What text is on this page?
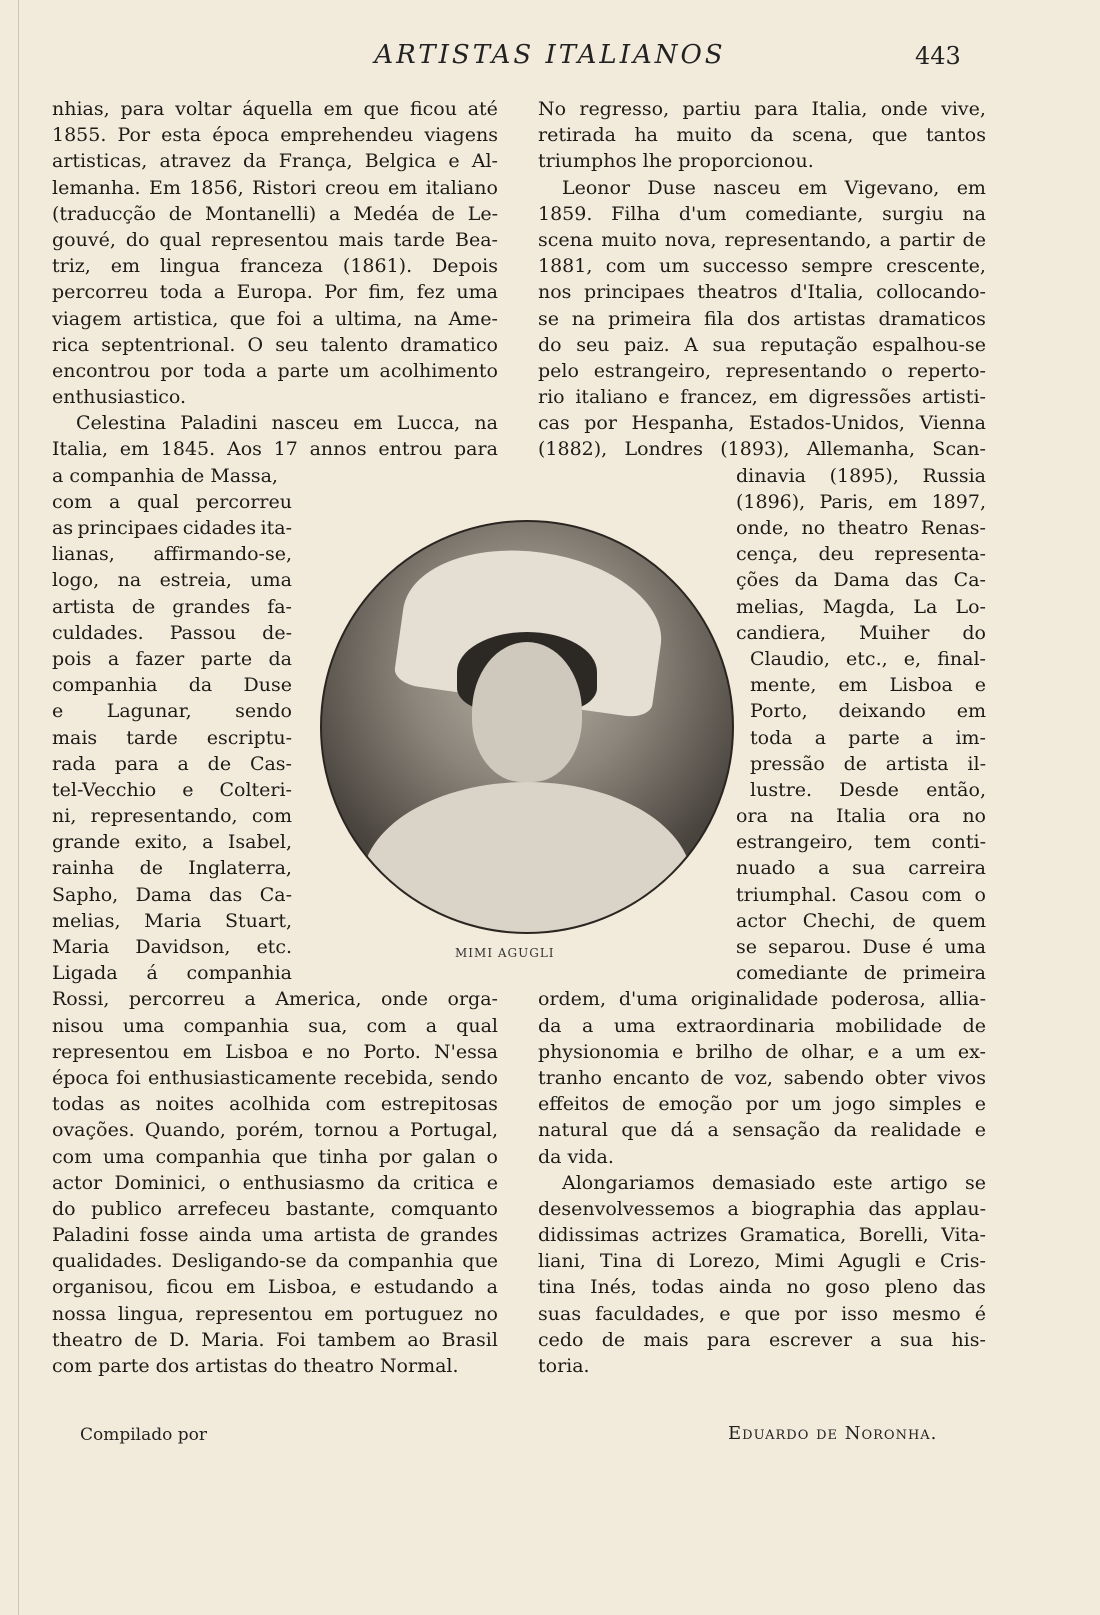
ARTISTAS ITALIANOS	443
nhias, para voltar áquella em que ficou até
1855. Por esta época emprehendeu viagens
artisticas, atravez da França, Belgica e Al-
lemanha. Em 1856, Ristori creou em italiano
(traducção de Montanelli) a Medéa de Le-
gouvé, do qual representou mais tarde Bea-
triz, em lingua franceza (1861). Depois
percorreu toda a Europa. Por fim, fez uma
viagem artistica, que foi a ultima, na Ame-
rica septentrional. O seu talento dramatico
encontrou por toda a parte um acolhimento
enthusiastico.
Celestina Paladini nasceu em Lucca, na
Italia, em 1845. Aos 17 annos entrou para
a companhia de Massa,
com a qual percorreu
as principaes cidades ita-
lianas, affirmando-se,
logo, na estreia, uma
artista de grandes fa-
culdades. Passou de-
pois a fazer parte da
companhia da Duse
e Lagunar, sendo
mais tarde escriptu-
rada para a de Cas-
tel-Vecchio e Colteri-
ni, representando, com
grande exito, a Isabel,
rainha de Inglaterra,
Sapho, Dama das Ca-
melias, Maria Stuart,
Maria Davidson, etc.
Ligada á companhia
Rossi, percorreu a America, onde orga-
nisou uma companhia sua, com a qual
representou em Lisboa e no Porto. N'essa
época foi enthusiasticamente recebida, sendo
todas as noites acolhida com estrepitosas
ovações. Quando, porém, tornou a Portugal,
com uma companhia que tinha por galan o
actor Dominici, o enthusiasmo da critica e
do publico arrefeceu bastante, comquanto
Paladini fosse ainda uma artista de grandes
qualidades. Desligando-se da companhia que
organisou, ficou em Lisboa, e estudando a
nossa lingua, representou em portuguez no
theatro de D. Maria. Foi tambem ao Brasil
com parte dos artistas do theatro Normal.
No regresso, partiu para Italia, onde vive,
retirada ha muito da scena, que tantos
triumphos lhe proporcionou.
Leonor Duse nasceu em Vigevano, em
1859. Filha d'um comediante, surgiu na
scena muito nova, representando, a partir de
1881, com um successo sempre crescente,
nos principaes theatros d'Italia, collocando-
se na primeira fila dos artistas dramaticos
do seu paiz. A sua reputação espalhou-se
pelo estrangeiro, representando o reperto-
rio italiano e francez, em digressões artisti-
cas por Hespanha, Estados-Unidos, Vienna
(1882), Londres (1893), Allemanha, Scan-
dinavia (1895), Russia
(1896), Paris, em 1897,
onde, no theatro Renas-
cença, deu representa-
ções da Dama das Ca-
melias, Magda, La Lo-
candiera, Muiher do
Claudio, etc., e, final-
mente, em Lisboa e
Porto, deixando em
toda a parte a im-
pressão de artista il-
lustre. Desde então,
ora na Italia ora no
estrangeiro, tem conti-
nuado a sua carreira
triumphal. Casou com o
actor Chechi, de quem
se separou. Duse é uma
comediante de primeira
ordem, d'uma originalidade poderosa, allia-
da a uma extraordinaria mobilidade de
physionomia e brilho de olhar, e a um ex-
tranho encanto de voz, sabendo obter vivos
effeitos de emoção por um jogo simples e
natural que dá a sensação da realidade e
da vida.
Alongariamos demasiado este artigo se
desenvolvessemos a biographia das applau-
didissimas actrizes Gramatica, Borelli, Vita-
liani, Tina di Lorezo, Mimi Agugli e Cris-
tina Inés, todas ainda no goso pleno das
suas faculdades, e que por isso mesmo é
cedo de mais para escrever a sua his-
toria.
MIMI AGUGLI
Compilado por	Eduardo de Noronha.
